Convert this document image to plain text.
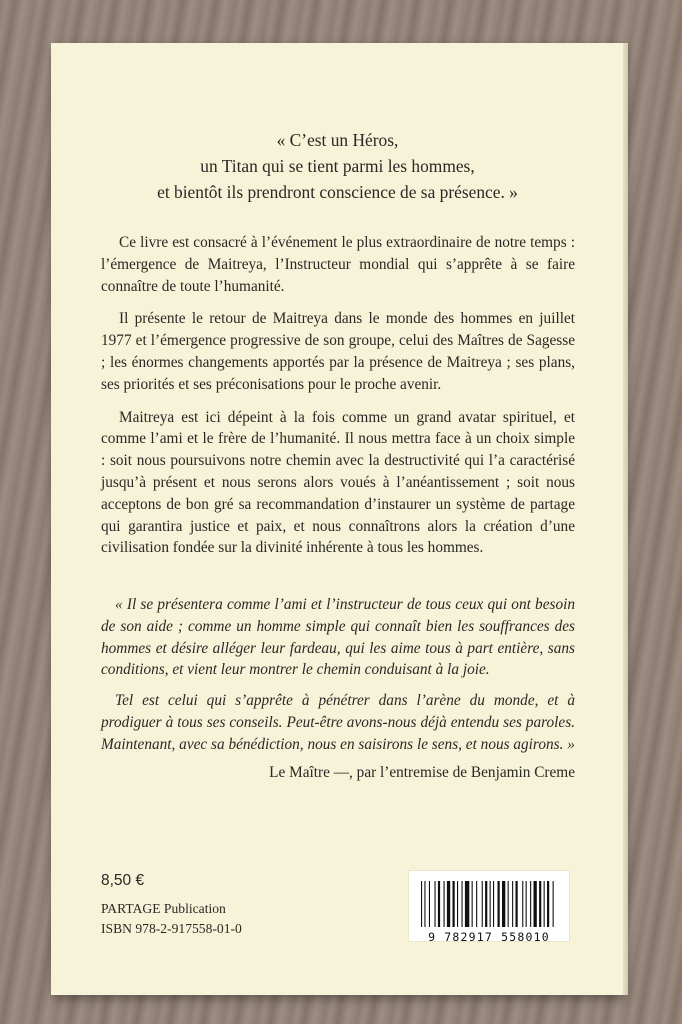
« C’est un Héros,
un Titan qui se tient parmi les hommes,
et bientôt ils prendront conscience de sa présence. »

Ce livre est consacré à l’événement le plus extraordinaire de notre temps : l’émergence de Maitreya, l’Instructeur mondial qui s’apprête à se faire connaître de toute l’humanité.

Il présente le retour de Maitreya dans le monde des hommes en juillet 1977 et l’émergence progressive de son groupe, celui des Maîtres de Sagesse ; les énormes changements apportés par la présence de Maitreya ; ses plans, ses priorités et ses préconisations pour le proche avenir.

Maitreya est ici dépeint à la fois comme un grand avatar spirituel, et comme l’ami et le frère de l’humanité. Il nous mettra face à un choix simple : soit nous poursuivons notre chemin avec la destructivité qui l’a caractérisé jusqu’à présent et nous serons alors voués à l’anéantissement ; soit nous acceptons de bon gré sa recommandation d’instaurer un système de partage qui garantira justice et paix, et nous connaîtrons alors la création d’une civilisation fondée sur la divinité inhérente à tous les hommes.

« Il se présentera comme l’ami et l’instructeur de tous ceux qui ont besoin de son aide ; comme un homme simple qui connaît bien les souffrances des hommes et désire alléger leur fardeau, qui les aime tous à part entière, sans conditions, et vient leur montrer le chemin conduisant à la joie.

Tel est celui qui s’apprête à pénétrer dans l’arène du monde, et à prodiguer à tous ses conseils. Peut-être avons-nous déjà entendu ses paroles. Maintenant, avec sa bénédiction, nous en saisirons le sens, et nous agirons. »

Le Maître —, par l’entremise de Benjamin Creme
8,50 €
PARTAGE Publication
ISBN 978-2-917558-01-0
9 782917 558010
